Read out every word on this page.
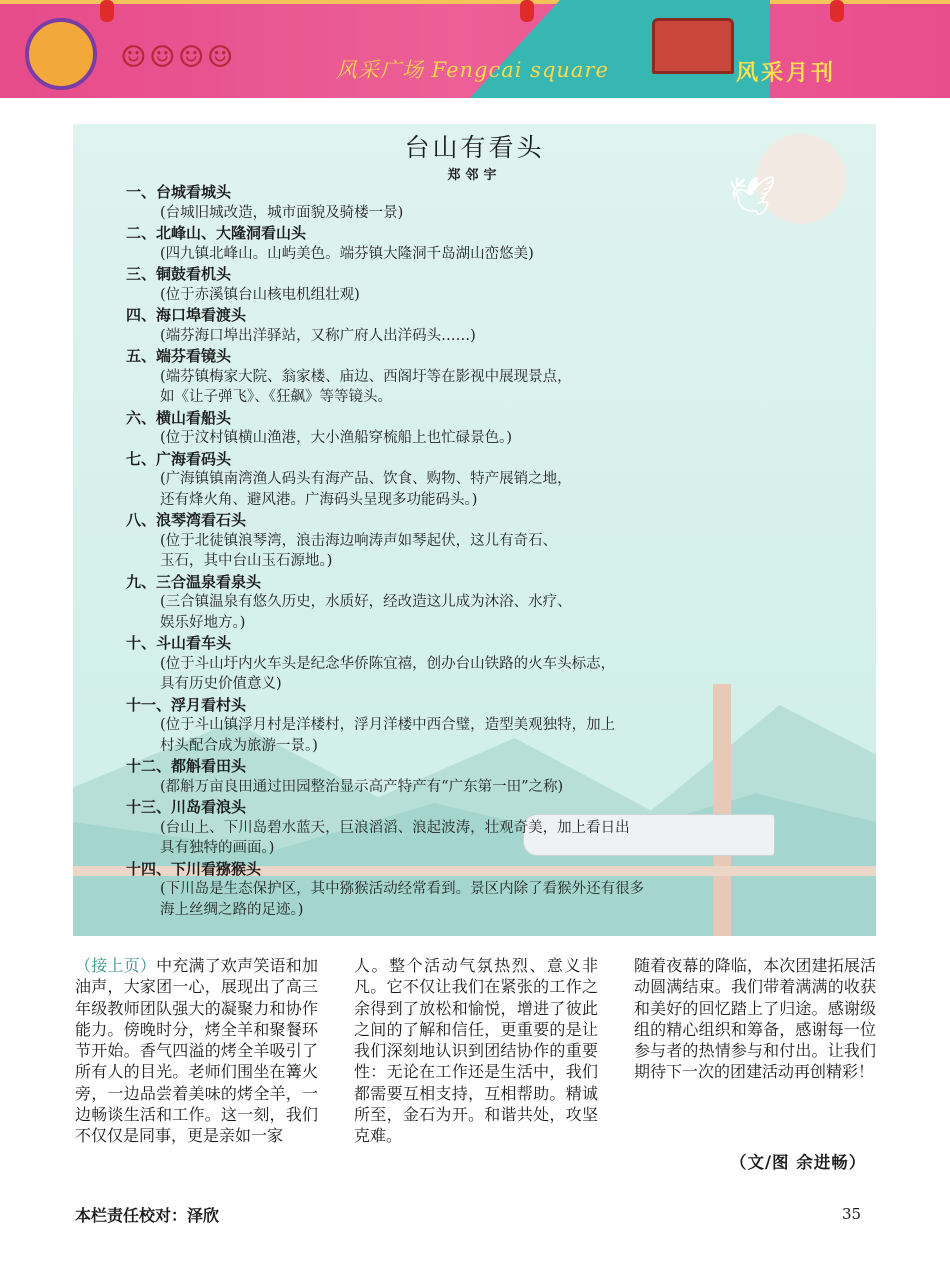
☺☺☺☺	风采广场 Fengcai square	风采月刊
🕊
台山有看头
郑邻宇
一、台城看城头
(台城旧城改造，城市面貌及骑楼一景)
二、北峰山、大隆洞看山头
(四九镇北峰山。山屿美色。端芬镇大隆洞千岛湖山峦悠美)
三、铜鼓看机头
(位于赤溪镇台山核电机组壮观)
四、海口埠看渡头
(端芬海口埠出洋驿站，又称广府人出洋码头……)
五、端芬看镜头
(端芬镇梅家大院、翁家楼、庙边、西阁圩等在影视中展现景点，
如《让子弹飞》、《狂飙》等等镜头。
六、横山看船头
(位于汶村镇横山渔港，大小渔船穿梳船上也忙碌景色。)
七、广海看码头
(广海镇镇南湾渔人码头有海产品、饮食、购物、特产展销之地，
还有烽火角、避风港。广海码头呈现多功能码头。)
八、浪琴湾看石头
(位于北徒镇浪琴湾，浪击海边响涛声如琴起伏，这儿有奇石、
玉石，其中台山玉石源地。)
九、三合温泉看泉头
(三合镇温泉有悠久历史，水质好，经改造这儿成为沐浴、水疗、
娱乐好地方。)
十、斗山看车头
(位于斗山圩内火车头是纪念华侨陈宜禧，创办台山铁路的火车头标志，
具有历史价值意义)
十一、浮月看村头
(位于斗山镇浮月村是洋楼村，浮月洋楼中西合璧，造型美观独特，加上
村头配合成为旅游一景。)
十二、都斛看田头
(都斛万亩良田通过田园整治显示高产特产有“广东第一田”之称)
十三、川岛看浪头
(台山上、下川岛碧水蓝天，巨浪滔滔、浪起波涛，壮观奇美，加上看日出
具有独特的画面。)
十四、下川看猕猴头
(下川岛是生态保护区，其中猕猴活动经常看到。景区内除了看猴外还有很多
海上丝绸之路的足迹。)
（接上页）中充满了欢声笑语和加油声，大家团一心，展现出了高三年级教师团队强大的凝聚力和协作能力。傍晚时分，烤全羊和聚餐环节开始。香气四溢的烤全羊吸引了所有人的目光。老师们围坐在篝火旁，一边品尝着美味的烤全羊，一边畅谈生活和工作。这一刻，我们不仅仅是同事，更是亲如一家
人。整个活动气氛热烈、意义非凡。它不仅让我们在紧张的工作之余得到了放松和愉悦，增进了彼此之间的了解和信任，更重要的是让我们深刻地认识到团结协作的重要性：无论在工作还是生活中，我们都需要互相支持，互相帮助。精诚所至，金石为开。和谐共处，攻坚克难。
随着夜幕的降临，本次团建拓展活动圆满结束。我们带着满满的收获和美好的回忆踏上了归途。感谢级组的精心组织和筹备，感谢每一位参与者的热情参与和付出。让我们期待下一次的团建活动再创精彩！
（文/图 余进畅）
本栏责任校对：泽欣	35
